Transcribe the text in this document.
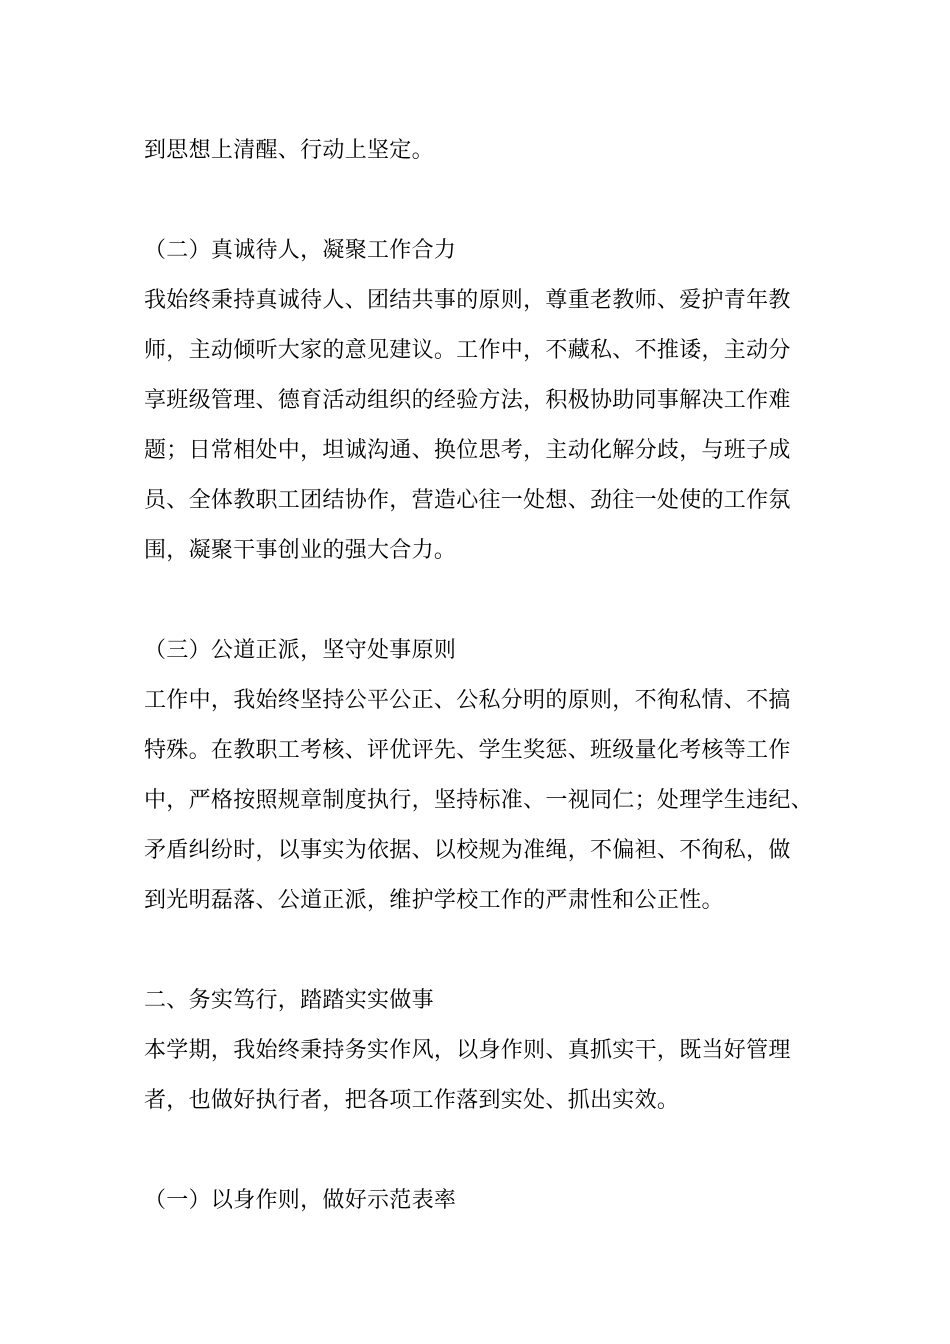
到思想上清醒、行动上坚定。
（二）真诚待人，凝聚工作合力
我始终秉持真诚待人、团结共事的原则，尊重老教师、爱护青年教
师，主动倾听大家的意见建议。工作中，不藏私、不推诿，主动分
享班级管理、德育活动组织的经验方法，积极协助同事解决工作难
题；日常相处中，坦诚沟通、换位思考，主动化解分歧，与班子成
员、全体教职工团结协作，营造心往一处想、劲往一处使的工作氛
围，凝聚干事创业的强大合力。
（三）公道正派，坚守处事原则
工作中，我始终坚持公平公正、公私分明的原则，不徇私情、不搞
特殊。在教职工考核、评优评先、学生奖惩、班级量化考核等工作
中，严格按照规章制度执行，坚持标准、一视同仁；处理学生违纪、
矛盾纠纷时，以事实为依据、以校规为准绳，不偏袒、不徇私，做
到光明磊落、公道正派，维护学校工作的严肃性和公正性。
二、务实笃行，踏踏实实做事
本学期，我始终秉持务实作风，以身作则、真抓实干，既当好管理
者，也做好执行者，把各项工作落到实处、抓出实效。
（一）以身作则，做好示范表率
